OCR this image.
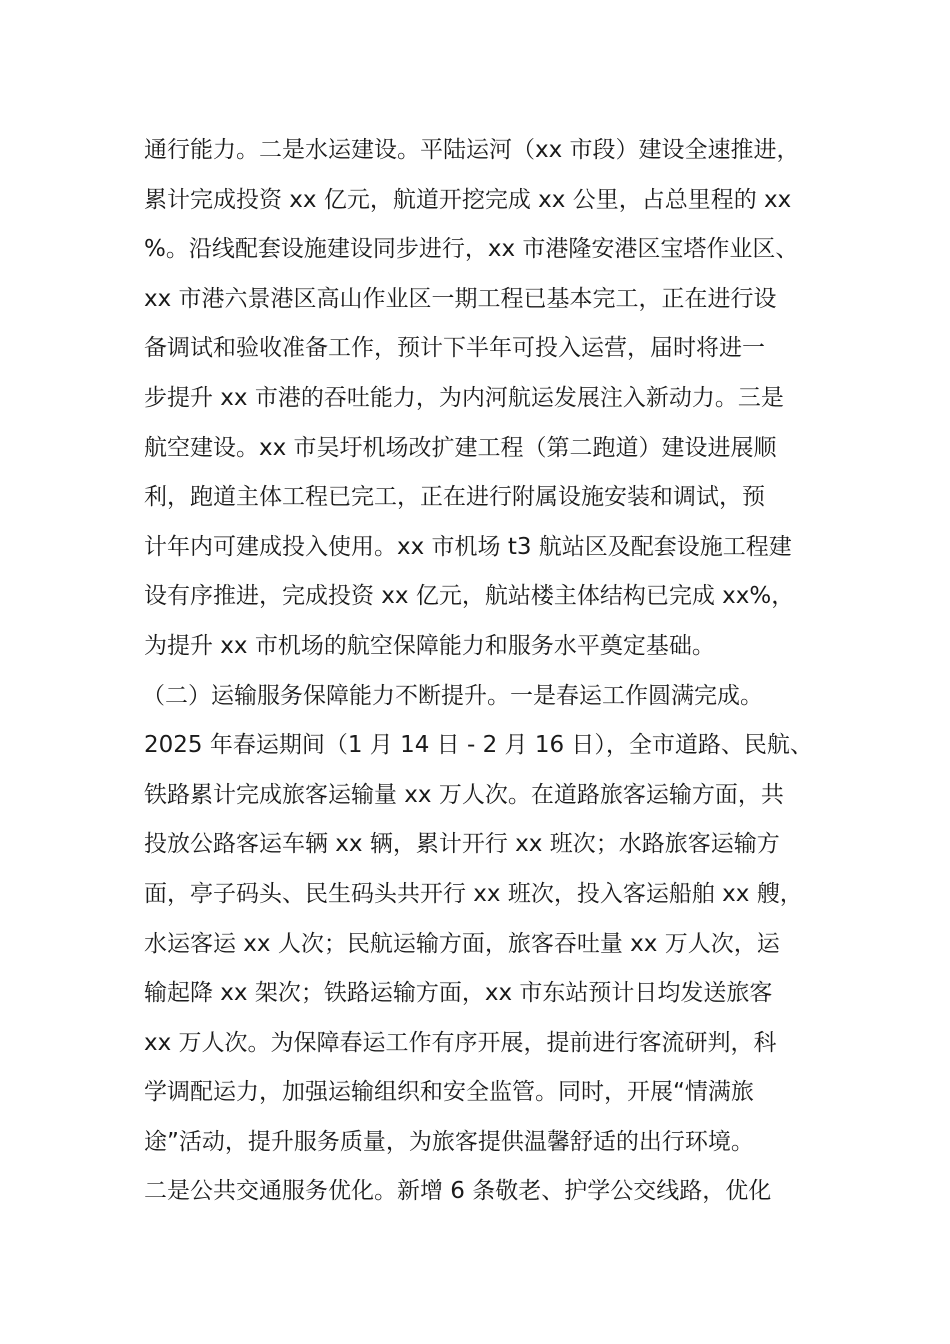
通行能力。二是水运建设。平陆运河（xx 市段）建设全速推进，
累计完成投资 xx 亿元，航道开挖完成 xx 公里，占总里程的 xx
%。沿线配套设施建设同步进行，xx 市港隆安港区宝塔作业区、
xx 市港六景港区高山作业区一期工程已基本完工，正在进行设
备调试和验收准备工作，预计下半年可投入运营，届时将进一
步提升 xx 市港的吞吐能力，为内河航运发展注入新动力。三是
航空建设。xx 市吴圩机场改扩建工程（第二跑道）建设进展顺
利，跑道主体工程已完工，正在进行附属设施安装和调试，预
计年内可建成投入使用。xx 市机场 t3 航站区及配套设施工程建
设有序推进，完成投资 xx 亿元，航站楼主体结构已完成 xx%，
为提升 xx 市机场的航空保障能力和服务水平奠定基础。
（二）运输服务保障能力不断提升。一是春运工作圆满完成。
2025 年春运期间（1 月 14 日 - 2 月 16 日），全市道路、民航、
铁路累计完成旅客运输量 xx 万人次。在道路旅客运输方面，共
投放公路客运车辆 xx 辆，累计开行 xx 班次；水路旅客运输方
面，亭子码头、民生码头共开行 xx 班次，投入客运船舶 xx 艘，
水运客运 xx 人次；民航运输方面，旅客吞吐量 xx 万人次，运
输起降 xx 架次；铁路运输方面，xx 市东站预计日均发送旅客
xx 万人次。为保障春运工作有序开展，提前进行客流研判，科
学调配运力，加强运输组织和安全监管。同时，开展“情满旅
途”活动，提升服务质量，为旅客提供温馨舒适的出行环境。
二是公共交通服务优化。新增 6 条敬老、护学公交线路，优化
